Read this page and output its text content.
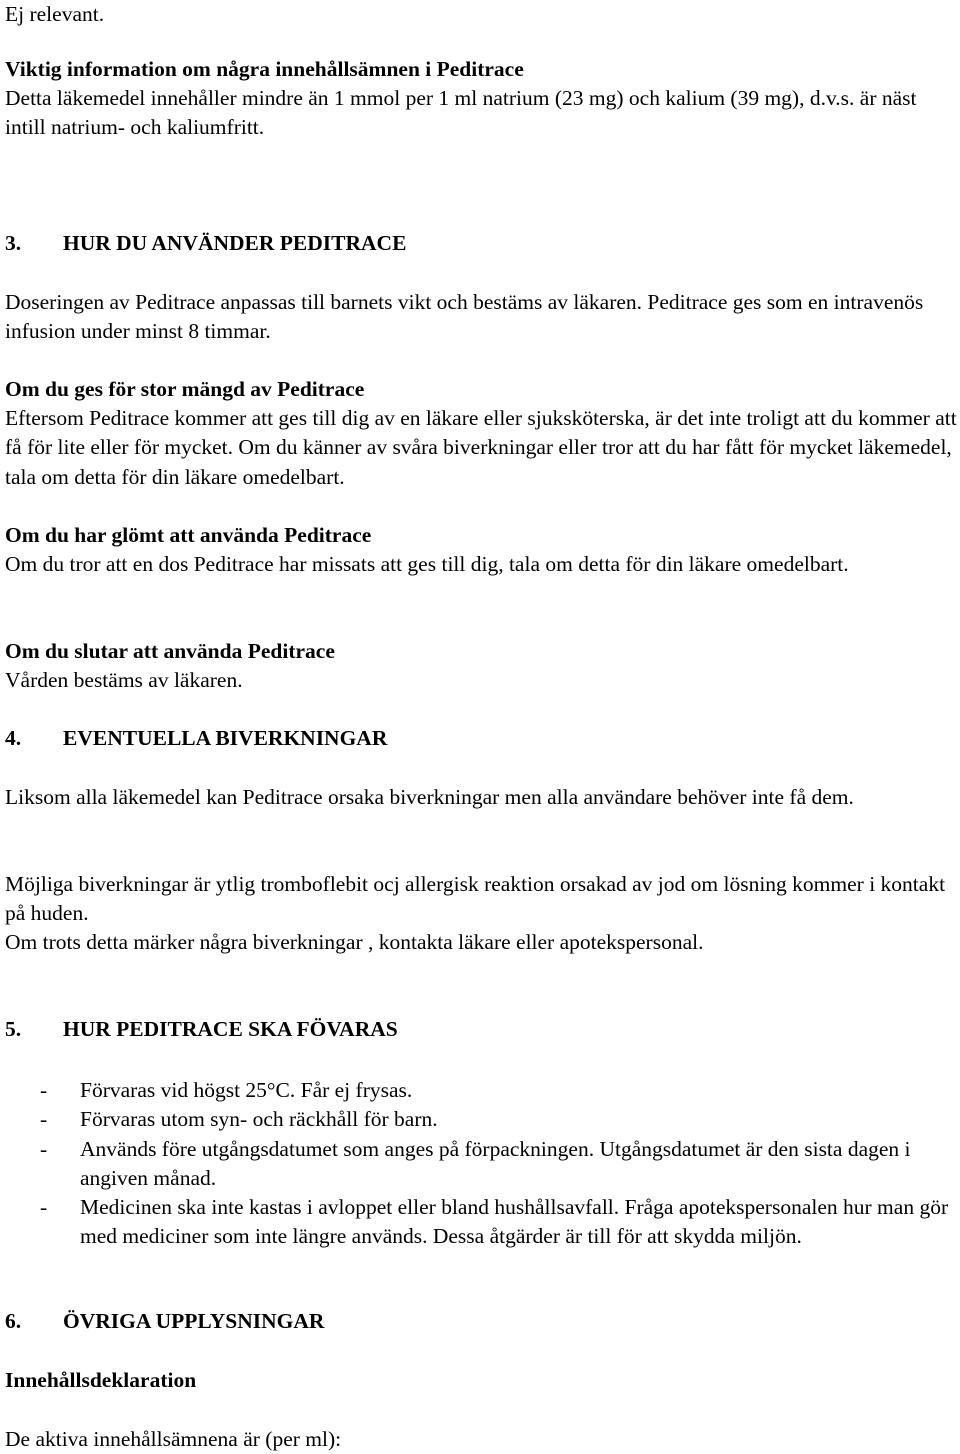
Ej relevant.

Viktig information om några innehållsämnen i Peditrace

Detta läkemedel innehåller mindre än 1 mmol per 1 ml natrium (23 mg) och kalium (39 mg), d.v.s. är näst intill natrium- och kaliumfritt.

3. HUR DU ANVÄNDER PEDITRACE

Doseringen av Peditrace anpassas till barnets vikt och bestäms av läkaren. Peditrace ges som en intravenös infusion under minst 8 timmar.

Om du ges för stor mängd av Peditrace

Eftersom Peditrace kommer att ges till dig av en läkare eller sjuksköterska, är det inte troligt att du kommer att få för lite eller för mycket. Om du känner av svåra biverkningar eller tror att du har fått för mycket läkemedel, tala om detta för din läkare omedelbart.

Om du har glömt att använda Peditrace

Om du tror att en dos Peditrace har missats att ges till dig, tala om detta för din läkare omedelbart.

Om du slutar att använda Peditrace

Vården bestäms av läkaren.

4. EVENTUELLA BIVERKNINGAR

Liksom alla läkemedel kan Peditrace orsaka biverkningar men alla användare behöver inte få dem.

Möjliga biverkningar är ytlig tromboflebit ocj allergisk reaktion orsakad av jod om lösning kommer i kontakt på huden.

Om trots detta märker några biverkningar , kontakta läkare eller apotekspersonal.

5. HUR PEDITRACE SKA FÖVARAS

- Förvaras vid högst 25°C. Får ej frysas.
- Förvaras utom syn- och räckhåll för barn.
- Används före utgångsdatumet som anges på förpackningen. Utgångsdatumet är den sista dagen i angiven månad.
- Medicinen ska inte kastas i avloppet eller bland hushållsavfall. Fråga apotekspersonalen hur man gör med mediciner som inte längre används. Dessa åtgärder är till för att skydda miljön.

6. ÖVRIGA UPPLYSNINGAR

Innehållsdeklaration

De aktiva innehållsämnena är (per ml):
